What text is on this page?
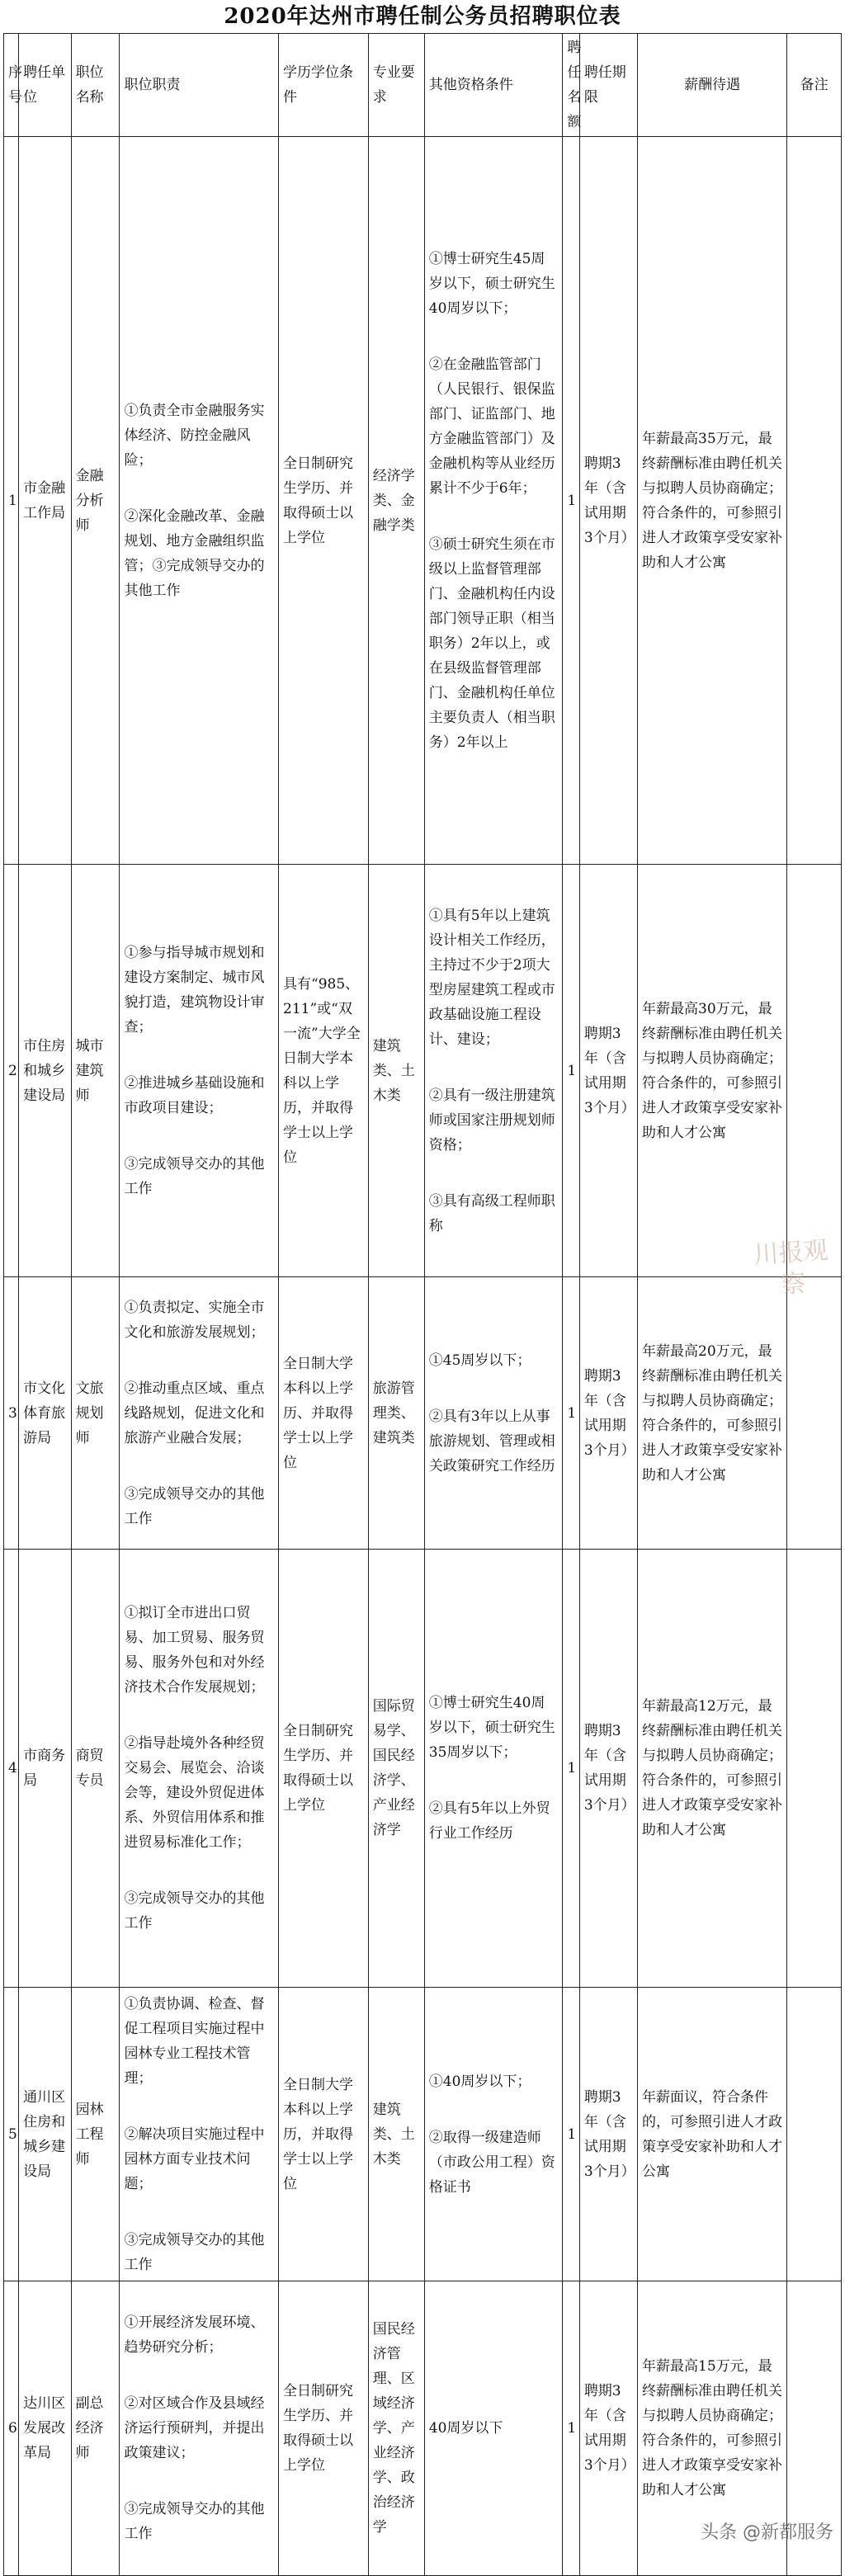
2020年达州市聘任制公务员招聘职位表
序号	聘任单位	职位名称	职位职责	学历学位条件	专业要求	其他资格条件	聘任名额	聘任期限	薪酬待遇	备注
1	市金融工作局	金融分析师	①负责全市金融服务实体经济、防控金融风险；
②深化金融改革、金融规划、地方金融组织监管；③完成领导交办的其他工作	全日制研究生学历、并取得硕士以上学位	经济学类、金融学类	①博士研究生45周岁以下，硕士研究生40周岁以下；
②在金融监管部门（人民银行、银保监部门、证监部门、地方金融监管部门）及金融机构等从业经历累计不少于6年；
③硕士研究生须在市级以上监督管理部门、金融机构任内设部门领导正职（相当职务）2年以上，或在县级监督管理部门、金融机构任单位主要负责人（相当职务）2年以上	1	聘期3年（含试用期3个月）	年薪最高35万元，最终薪酬标准由聘任机关与拟聘人员协商确定；符合条件的，可参照引进人才政策享受安家补助和人才公寓	
2	市住房和城乡建设局	城市建筑师	①参与指导城市规划和建设方案制定、城市风貌打造，建筑物设计审查；
②推进城乡基础设施和市政项目建设；
③完成领导交办的其他工作	具有“985、211”或“双一流”大学全日制大学本科以上学历，并取得学士以上学位	建筑类、土木类	①具有5年以上建筑设计相关工作经历，主持过不少于2项大型房屋建筑工程或市政基础设施工程设计、建设；
②具有一级注册建筑师或国家注册规划师资格；
③具有高级工程师职称	1	聘期3年（含试用期3个月）	年薪最高30万元，最终薪酬标准由聘任机关与拟聘人员协商确定；符合条件的，可参照引进人才政策享受安家补助和人才公寓	
3	市文化体育旅游局	文旅规划师	①负责拟定、实施全市文化和旅游发展规划；
②推动重点区域、重点线路规划，促进文化和旅游产业融合发展；
③完成领导交办的其他工作	全日制大学本科以上学历、并取得学士以上学位	旅游管理类、建筑类	①45周岁以下；
②具有3年以上从事旅游规划、管理或相关政策研究工作经历	1	聘期3年（含试用期3个月）	年薪最高20万元，最终薪酬标准由聘任机关与拟聘人员协商确定；符合条件的，可参照引进人才政策享受安家补助和人才公寓	
4	市商务局	商贸专员	①拟订全市进出口贸易、加工贸易、服务贸易、服务外包和对外经济技术合作发展规划；
②指导赴境外各种经贸交易会、展览会、洽谈会等，建设外贸促进体系、外贸信用体系和推进贸易标准化工作；
③完成领导交办的其他工作	全日制研究生学历、并取得硕士以上学位	国际贸易学、国民经济学、产业经济学	①博士研究生40周岁以下，硕士研究生35周岁以下；
②具有5年以上外贸行业工作经历	1	聘期3年（含试用期3个月）	年薪最高12万元，最终薪酬标准由聘任机关与拟聘人员协商确定；符合条件的，可参照引进人才政策享受安家补助和人才公寓	
5	通川区住房和城乡建设局	园林工程师	①负责协调、检查、督促工程项目实施过程中园林专业工程技术管理；
②解决项目实施过程中园林方面专业技术问题；
③完成领导交办的其他工作	全日制大学本科以上学历，并取得学士以上学位	建筑类、土木类	①40周岁以下；
②取得一级建造师（市政公用工程）资格证书	1	聘期3年（含试用期3个月）	年薪面议，符合条件的，可参照引进人才政策享受安家补助和人才公寓	
6	达川区发展改革局	副总经济师	①开展经济发展环境、趋势研究分析；
②对区域合作及县域经济运行预研判，并提出政策建议；
③完成领导交办的其他工作	全日制研究生学历、并取得硕士以上学位	国民经济管理、区域经济学、产业经济学、政治经济学	40周岁以下	1	聘期3年（含试用期3个月）	年薪最高15万元，最终薪酬标准由聘任机关与拟聘人员协商确定；符合条件的，可参照引进人才政策享受安家补助和人才公寓	
川报观察
头条 @新都服务
